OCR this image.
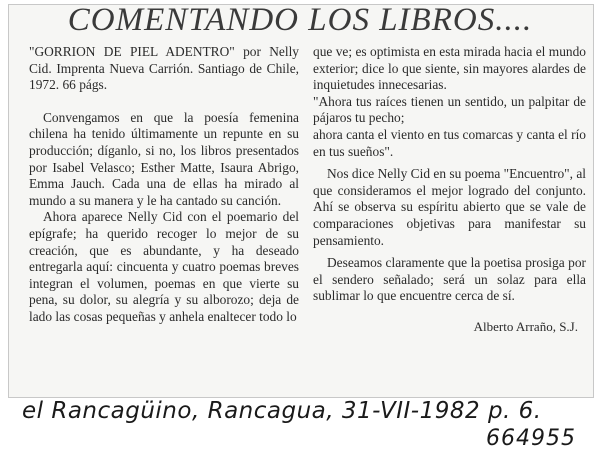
COMENTANDO LOS LIBROS....

"GORRION DE PIEL ADENTRO" por Nelly Cid. Imprenta Nueva Carrión. Santiago de Chile, 1972. 66 págs.

Convengamos en que la poesía femenina chilena ha tenido últimamente un repunte en su producción; díganlo, si no, los libros presentados por Isabel Velasco; Esther Matte, Isaura Abrigo, Emma Jauch. Cada una de ellas ha mirado al mundo a su manera y le ha cantado su canción.

Ahora aparece Nelly Cid con el poemario del epígrafe; ha querido recoger lo mejor de su creación, que es abundante, y ha deseado entregarla aquí: cincuenta y cuatro poemas breves integran el volumen, poemas en que vierte su pena, su dolor, su alegría y su alborozo; deja de lado las cosas pequeñas y anhela enaltecer todo lo

que ve; es optimista en esta mirada hacia el mundo exterior; dice lo que siente, sin mayores alardes de inquietudes innecesarias.

"Ahora tus raíces tienen un sentido, un palpitar de pájaros tu pecho;

ahora canta el viento en tus comarcas y canta el río en tus sueños".

Nos dice Nelly Cid en su poema "Encuentro", al que consideramos el mejor logrado del conjunto. Ahí se observa su espíritu abierto que se vale de comparaciones objetivas para manifestar su pensamiento.

Deseamos claramente que la poetisa prosiga por el sendero señalado; será un solaz para ella sublimar lo que encuentre cerca de sí.

Alberto Arraño, S.J.

el Rancagüino, Rancagua, 31-VII-1982 p. 6.
664955
